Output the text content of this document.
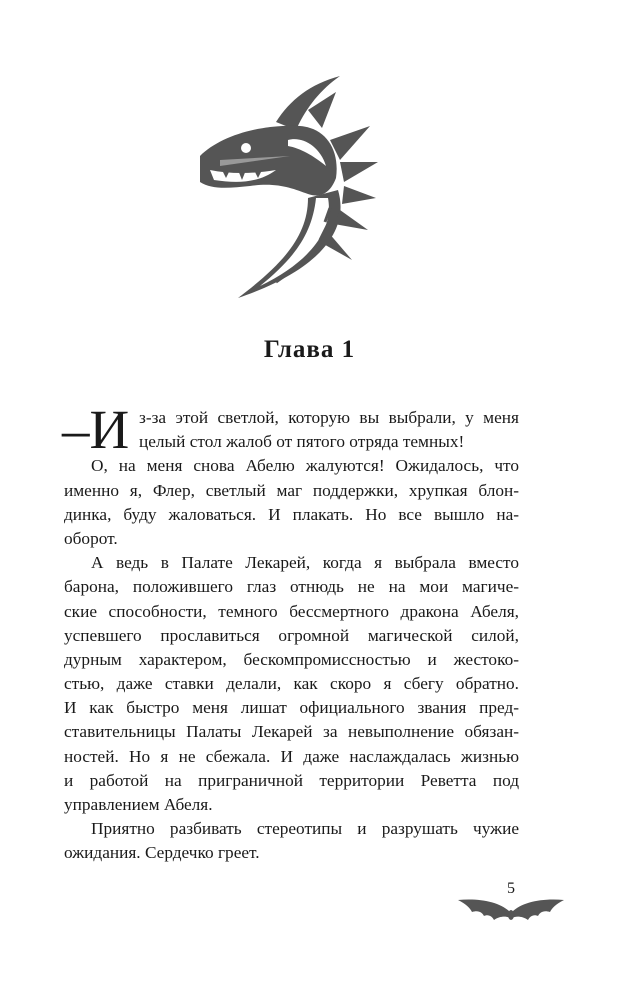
Глава 1
–И з-за этой светлой, которую вы выбрали, у меня
целый стол жалоб от пятого отряда темных!
О, на меня снова Абелю жалуются! Ожидалось, что
именно я, Флер, светлый маг поддержки, хрупкая блон-
динка, буду жаловаться. И плакать. Но все вышло на-
оборот.
А ведь в Палате Лекарей, когда я выбрала вместо
барона, положившего глаз отнюдь не на мои магиче-
ские способности, темного бессмертного дракона Абеля,
успевшего прославиться огромной магической силой,
дурным характером, бескомпромиссностью и жестоко-
стью, даже ставки делали, как скоро я сбегу обратно.
И как быстро меня лишат официального звания пред-
ставительницы Палаты Лекарей за невыполнение обязан-
ностей. Но я не сбежала. И даже наслаждалась жизнью
и работой на приграничной территории Реветта под
управлением Абеля.
Приятно разбивать стереотипы и разрушать чужие
ожидания. Сердечко греет.
5
